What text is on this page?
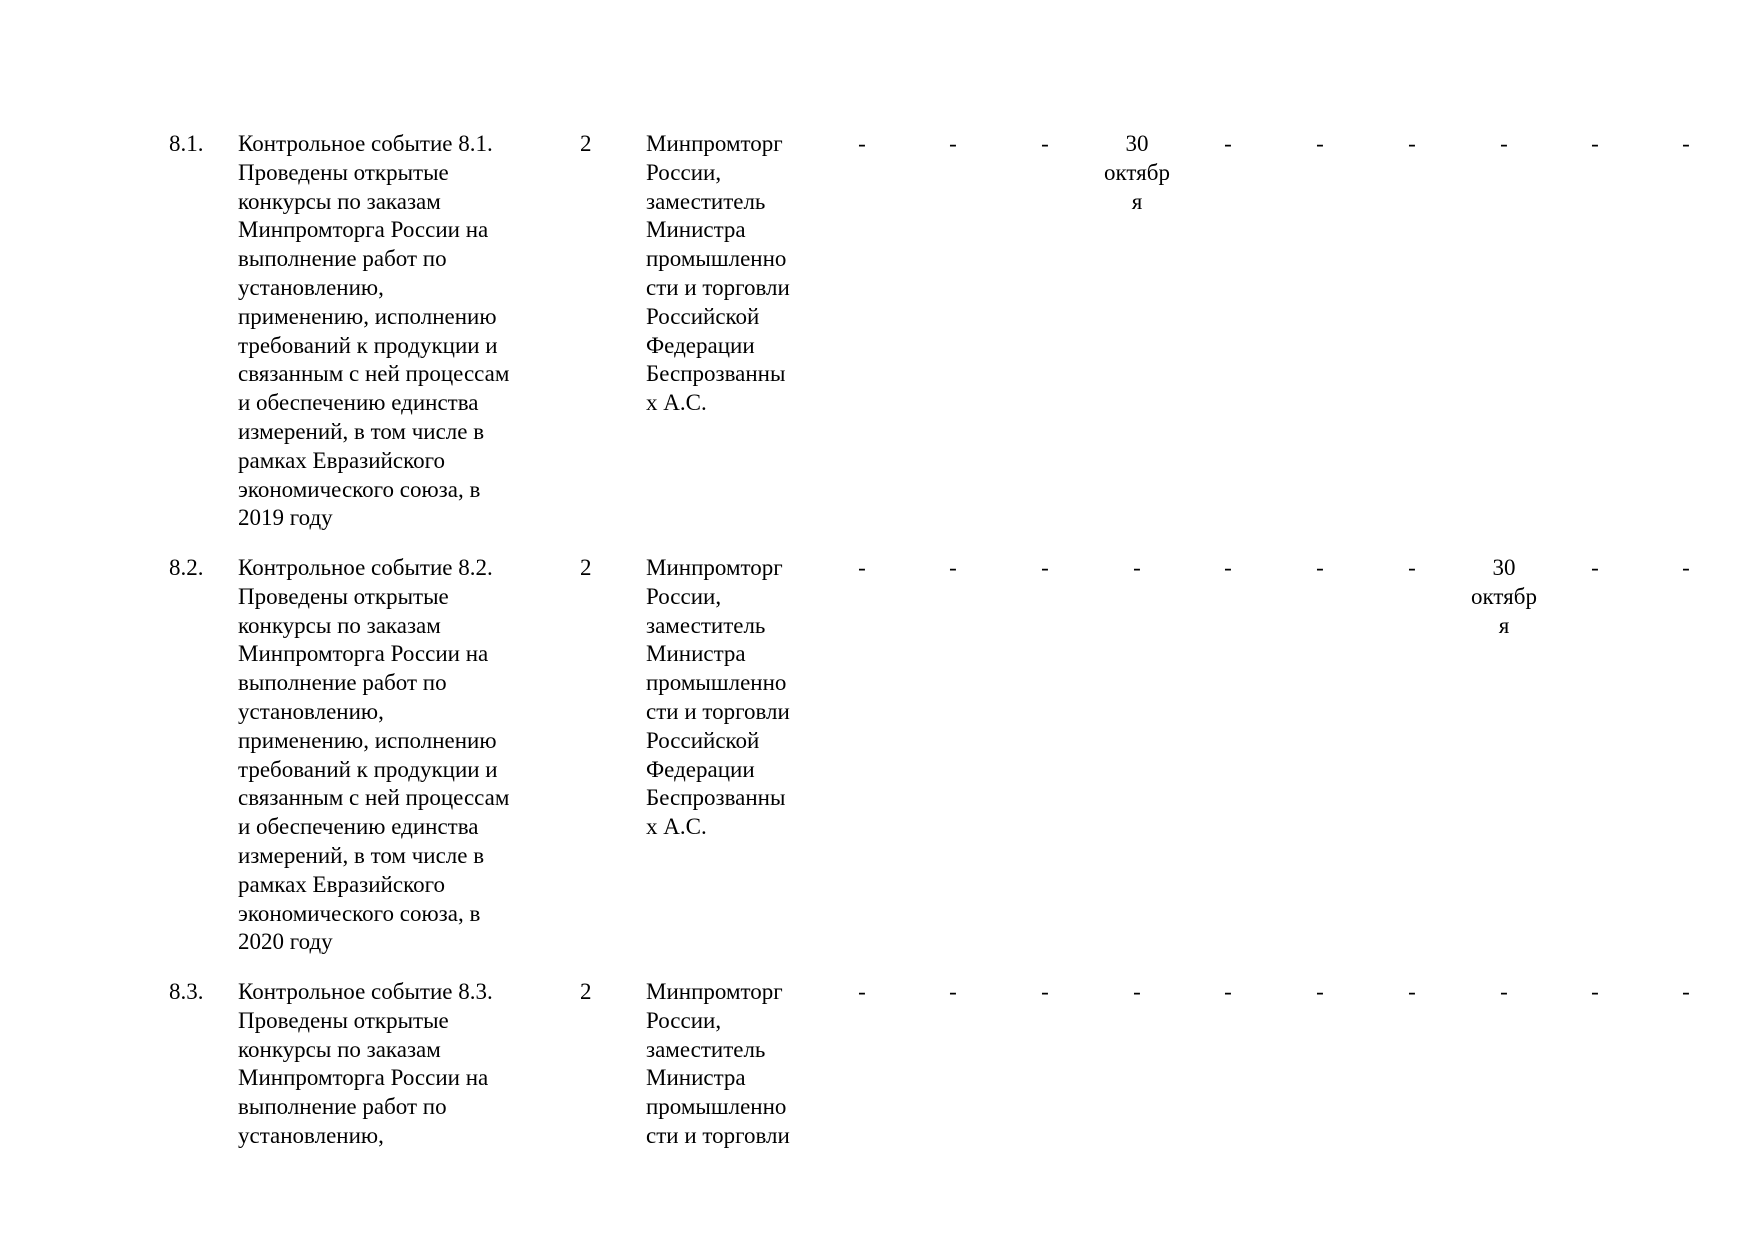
8.1.	Контрольное событие 8.1.
Проведены открытые
конкурсы по заказам
Минпромторга России на
выполнение работ по
установлению,
применению, исполнению
требований к продукции и
связанным с ней процессам
и обеспечению единства
измерений, в том числе в
рамках Евразийского
экономического союза, в
2019 году
2	Минпромторг
России,
заместитель
Министра
промышленно
сти и торговли
Российской
Федерации
Беспрозванны
х А.С.
-	-	-	30
октябр
я
-	-	-	-	-	-
8.2.	Контрольное событие 8.2.
Проведены открытые
конкурсы по заказам
Минпромторга России на
выполнение работ по
установлению,
применению, исполнению
требований к продукции и
связанным с ней процессам
и обеспечению единства
измерений, в том числе в
рамках Евразийского
экономического союза, в
2020 году
2	Минпромторг
России,
заместитель
Министра
промышленно
сти и торговли
Российской
Федерации
Беспрозванны
х А.С.
-	-	-	-	-	-	-	30
октябр
я
-	-
8.3.	Контрольное событие 8.3.
Проведены открытые
конкурсы по заказам
Минпромторга России на
выполнение работ по
установлению,
2	Минпромторг
России,
заместитель
Министра
промышленно
сти и торговли
-	-	-	-	-	-	-	-	-	-
